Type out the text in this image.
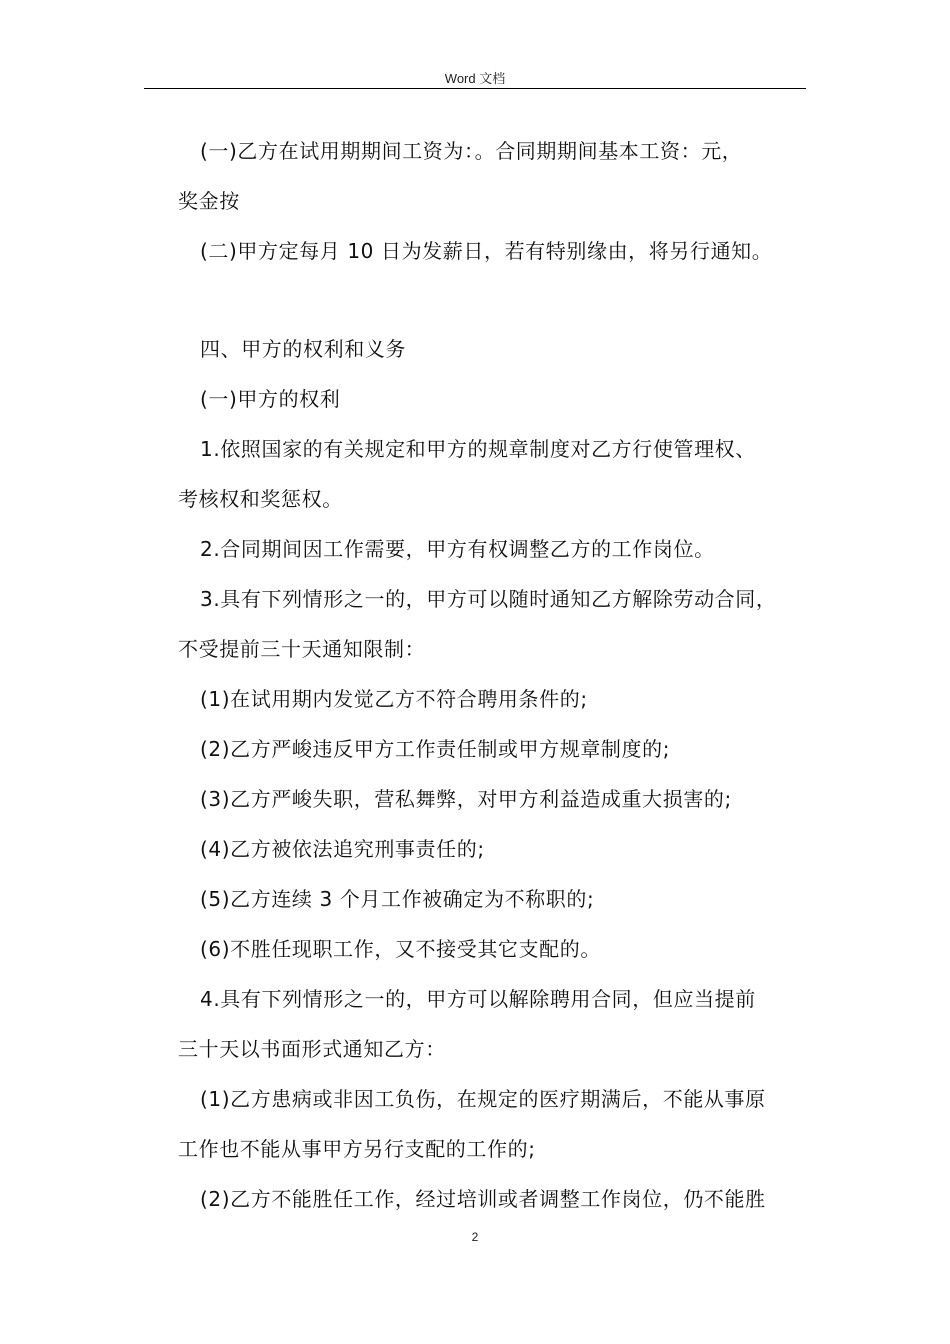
Word 文档
(一)乙方在试用期期间工资为：。合同期期间基本工资：元，
奖金按
(二)甲方定每月 10 日为发薪日，若有特别缘由，将另行通知。
四、甲方的权利和义务
(一)甲方的权利
1.依照国家的有关规定和甲方的规章制度对乙方行使管理权、
考核权和奖惩权。
2.合同期间因工作需要，甲方有权调整乙方的工作岗位。
3.具有下列情形之一的，甲方可以随时通知乙方解除劳动合同，
不受提前三十天通知限制：
(1)在试用期内发觉乙方不符合聘用条件的;
(2)乙方严峻违反甲方工作责任制或甲方规章制度的;
(3)乙方严峻失职，营私舞弊，对甲方利益造成重大损害的;
(4)乙方被依法追究刑事责任的;
(5)乙方连续 3 个月工作被确定为不称职的;
(6)不胜任现职工作，又不接受其它支配的。
4.具有下列情形之一的，甲方可以解除聘用合同，但应当提前
三十天以书面形式通知乙方：
(1)乙方患病或非因工负伤，在规定的医疗期满后，不能从事原
工作也不能从事甲方另行支配的工作的;
(2)乙方不能胜任工作，经过培训或者调整工作岗位，仍不能胜
2
